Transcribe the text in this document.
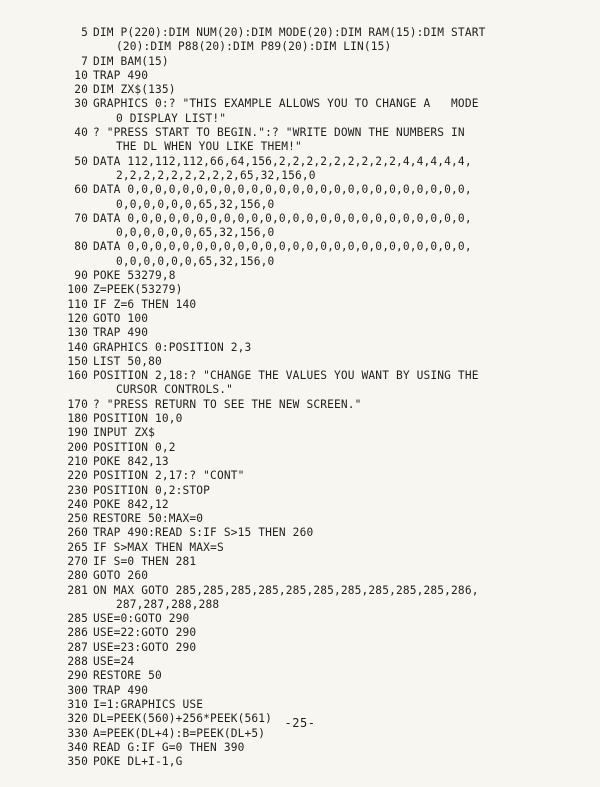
5 DIM P(220):DIM NUM(20):DIM MODE(20):DIM RAM(15):DIM START
(20):DIM P88(20):DIM P89(20):DIM LIN(15)
7 DIM BAM(15)
10 TRAP 490
20 DIM ZX$(135)
30 GRAPHICS 0:? "THIS EXAMPLE ALLOWS YOU TO CHANGE A   MODE
0 DISPLAY LIST!"
40 ? "PRESS START TO BEGIN.":? "WRITE DOWN THE NUMBERS IN
THE DL WHEN YOU LIKE THEM!"
50 DATA 112,112,112,66,64,156,2,2,2,2,2,2,2,2,2,4,4,4,4,4,
2,2,2,2,2,2,2,2,2,65,32,156,0
60 DATA 0,0,0,0,0,0,0,0,0,0,0,0,0,0,0,0,0,0,0,0,0,0,0,0,0,
0,0,0,0,0,0,65,32,156,0
70 DATA 0,0,0,0,0,0,0,0,0,0,0,0,0,0,0,0,0,0,0,0,0,0,0,0,0,
0,0,0,0,0,0,65,32,156,0
80 DATA 0,0,0,0,0,0,0,0,0,0,0,0,0,0,0,0,0,0,0,0,0,0,0,0,0,
0,0,0,0,0,0,65,32,156,0
90 POKE 53279,8
100 Z=PEEK(53279)
110 IF Z=6 THEN 140
120 GOTO 100
130 TRAP 490
140 GRAPHICS 0:POSITION 2,3
150 LIST 50,80
160 POSITION 2,18:? "CHANGE THE VALUES YOU WANT BY USING THE
CURSOR CONTROLS."
170 ? "PRESS RETURN TO SEE THE NEW SCREEN."
180 POSITION 10,0
190 INPUT ZX$
200 POSITION 0,2
210 POKE 842,13
220 POSITION 2,17:? "CONT"
230 POSITION 0,2:STOP
240 POKE 842,12
250 RESTORE 50:MAX=0
260 TRAP 490:READ S:IF S>15 THEN 260
265 IF S>MAX THEN MAX=S
270 IF S=0 THEN 281
280 GOTO 260
281 ON MAX GOTO 285,285,285,285,285,285,285,285,285,285,286,
287,287,288,288
285 USE=0:GOTO 290
286 USE=22:GOTO 290
287 USE=23:GOTO 290
288 USE=24
290 RESTORE 50
300 TRAP 490
310 I=1:GRAPHICS USE
320 DL=PEEK(560)+256*PEEK(561)
330 A=PEEK(DL+4):B=PEEK(DL+5)
340 READ G:IF G=0 THEN 390
350 POKE DL+I-1,G
-25-
